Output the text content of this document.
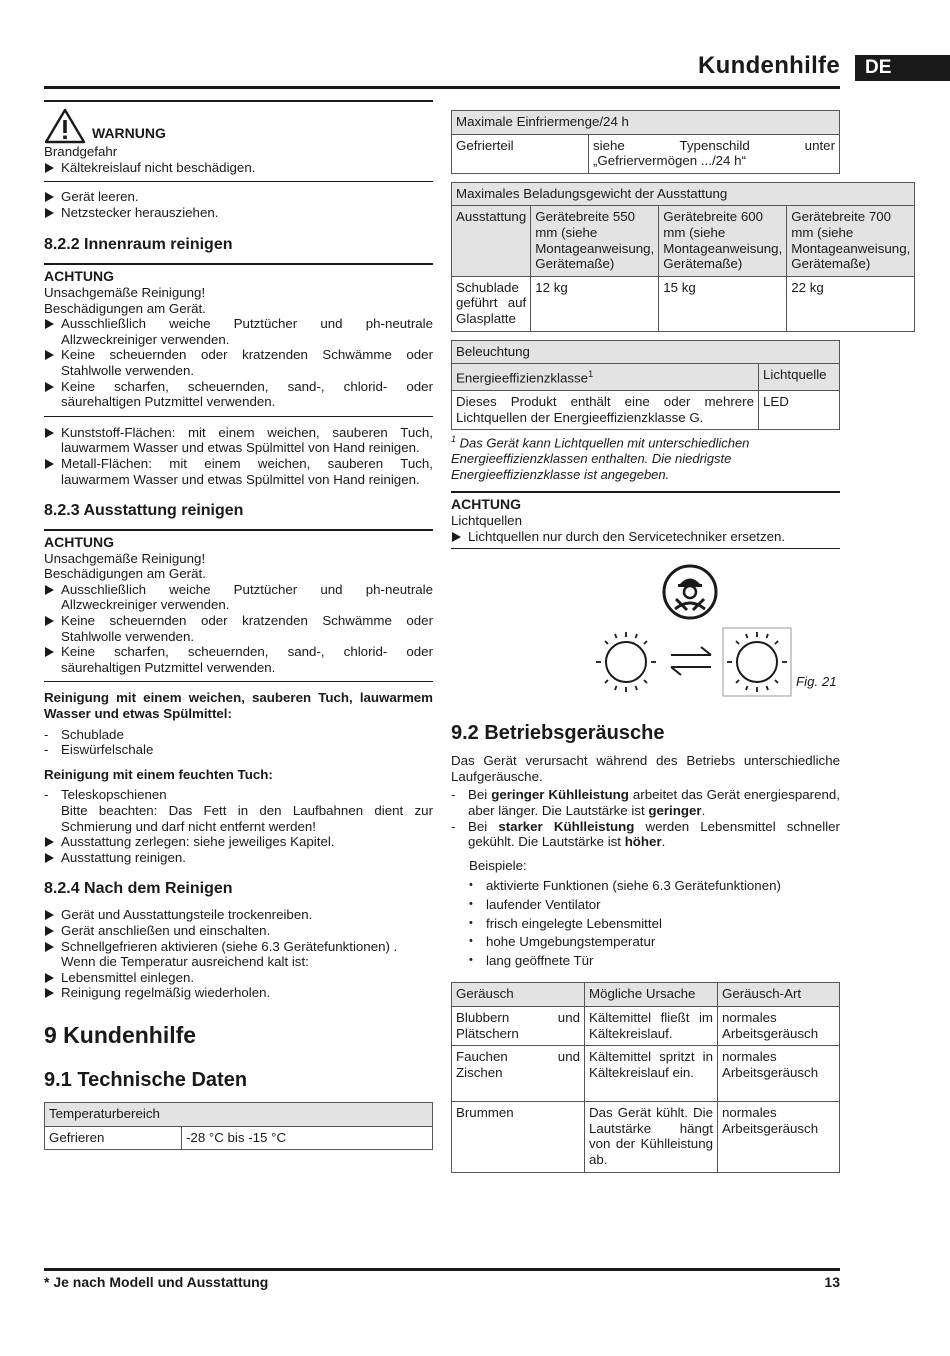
Kundenhilfe	DE
WARNUNG
Brandgefahr
Kältekreislauf nicht beschädigen.
Gerät leeren.
Netzstecker herausziehen.
8.2.2 Innenraum reinigen
ACHTUNG
Unsachgemäße Reinigung!
Beschädigungen am Gerät.
Ausschließlich weiche Putztücher und ph-neutrale Allzweckreiniger verwenden.
Keine scheuernden oder kratzenden Schwämme oder Stahlwolle verwenden.
Keine scharfen, scheuernden, sand-, chlorid- oder säurehaltigen Putzmittel verwenden.
Kunststoff-Flächen: mit einem weichen, sauberen Tuch, lauwarmem Wasser und etwas Spülmittel von Hand reinigen.
Metall-Flächen: mit einem weichen, sauberen Tuch, lauwarmem Wasser und etwas Spülmittel von Hand reinigen.
8.2.3 Ausstattung reinigen
ACHTUNG
Unsachgemäße Reinigung!
Beschädigungen am Gerät.
Ausschließlich weiche Putztücher und ph-neutrale Allzweckreiniger verwenden.
Keine scheuernden oder kratzenden Schwämme oder Stahlwolle verwenden.
Keine scharfen, scheuernden, sand-, chlorid- oder säurehaltigen Putzmittel verwenden.
Reinigung mit einem weichen, sauberen Tuch, lauwarmem Wasser und etwas Spülmittel:
- Schublade
- Eiswürfelschale
Reinigung mit einem feuchten Tuch:
- Teleskopschienen
Bitte beachten: Das Fett in den Laufbahnen dient zur Schmierung und darf nicht entfernt werden!
Ausstattung zerlegen: siehe jeweiliges Kapitel.
Ausstattung reinigen.
8.2.4 Nach dem Reinigen
Gerät und Ausstattungsteile trockenreiben.
Gerät anschließen und einschalten.
Schnellgefrieren aktivieren (siehe 6.3 Gerätefunktionen) . Wenn die Temperatur ausreichend kalt ist:
Lebensmittel einlegen.
Reinigung regelmäßig wiederholen.
9 Kundenhilfe
9.1 Technische Daten
Temperaturbereich
Gefrieren	-28 °C bis -15 °C
Maximale Einfriermenge/24 h
Gefrierteil	siehe Typenschild unter „Gefriervermögen .../24 h“
Maximales Beladungsgewicht der Ausstattung			
Ausstattung	Gerätebreite 550 mm (siehe Montageanweisung, Gerätemaße)	Gerätebreite 600 mm (siehe Montageanweisung, Gerätemaße)	Gerätebreite 700 mm (siehe Montageanweisung, Gerätemaße)
Schublade geführt auf Glasplatte	12 kg	15 kg	22 kg
Beleuchtung	
Energieeffizienzklasse$^1$	Lichtquelle
Dieses Produkt enthält eine oder mehrere Lichtquellen der Energieeffizienzklasse G.	LED
$^1$ Das Gerät kann Lichtquellen mit unterschiedlichen Energieeffizienzklassen enthalten. Die niedrigste Energieeffizienzklasse ist angegeben.
ACHTUNG
Lichtquellen
Lichtquellen nur durch den Servicetechniker ersetzen.
Fig. 21
9.2 Betriebsgeräusche

Das Gerät verursacht während des Betriebs unterschiedliche Laufgeräusche.

- Bei geringer Kühlleistung arbeitet das Gerät energiesparend, aber länger. Die Lautstärke ist geringer.
- Bei starker Kühlleistung werden Lebensmittel schneller gekühlt. Die Lautstärke ist höher.
Beispiele:
• aktivierte Funktionen (siehe 6.3 Gerätefunktionen)
• laufender Ventilator
• frisch eingelegte Lebensmittel
• hohe Umgebungstemperatur
• lang geöffnete Tür
Geräusch	Mögliche Ursache	Geräusch-Art
Blubbern und Plätschern	Kältemittel fließt im Kältekreislauf.	normales Arbeitsgeräusch
Fauchen und Zischen	Kältemittel spritzt in Kältekreislauf ein.	normales Arbeitsgeräusch
Brummen	Das Gerät kühlt. Die Lautstärke hängt von der Kühlleistung ab.	normales Arbeitsgeräusch
* Je nach Modell und Ausstattung	13
